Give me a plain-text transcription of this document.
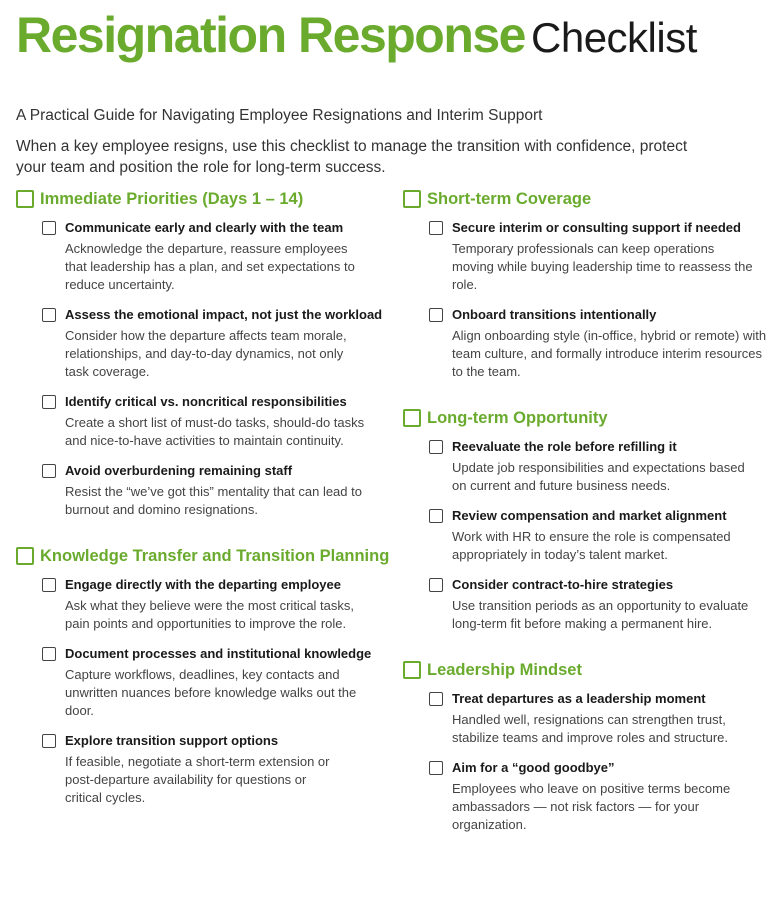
Resignation Response Checklist
A Practical Guide for Navigating Employee Resignations and Interim Support
When a key employee resigns, use this checklist to manage the transition with confidence, protect your team and position the role for long-term success.
Immediate Priorities (Days 1 – 14)
Communicate early and clearly with the team
Acknowledge the departure, reassure employees that leadership has a plan, and set expectations to reduce uncertainty.
Assess the emotional impact, not just the workload
Consider how the departure affects team morale, relationships, and day-to-day dynamics, not only task coverage.
Identify critical vs. noncritical responsibilities
Create a short list of must-do tasks, should-do tasks and nice-to-have activities to maintain continuity.
Avoid overburdening remaining staff
Resist the “we’ve got this” mentality that can lead to burnout and domino resignations.
Knowledge Transfer and Transition Planning
Engage directly with the departing employee
Ask what they believe were the most critical tasks, pain points and opportunities to improve the role.
Document processes and institutional knowledge
Capture workflows, deadlines, key contacts and unwritten nuances before knowledge walks out the door.
Explore transition support options
If feasible, negotiate a short-term extension or post-departure availability for questions or critical cycles.
Short-term Coverage
Secure interim or consulting support if needed
Temporary professionals can keep operations moving while buying leadership time to reassess the role.
Onboard transitions intentionally
Align onboarding style (in-office, hybrid or remote) with team culture, and formally introduce interim resources to the team.
Long-term Opportunity
Reevaluate the role before refilling it
Update job responsibilities and expectations based on current and future business needs.
Review compensation and market alignment
Work with HR to ensure the role is compensated appropriately in today’s talent market.
Consider contract-to-hire strategies
Use transition periods as an opportunity to evaluate long-term fit before making a permanent hire.
Leadership Mindset
Treat departures as a leadership moment
Handled well, resignations can strengthen trust, stabilize teams and improve roles and structure.
Aim for a “good goodbye”
Employees who leave on positive terms become ambassadors — not risk factors — for your organization.
